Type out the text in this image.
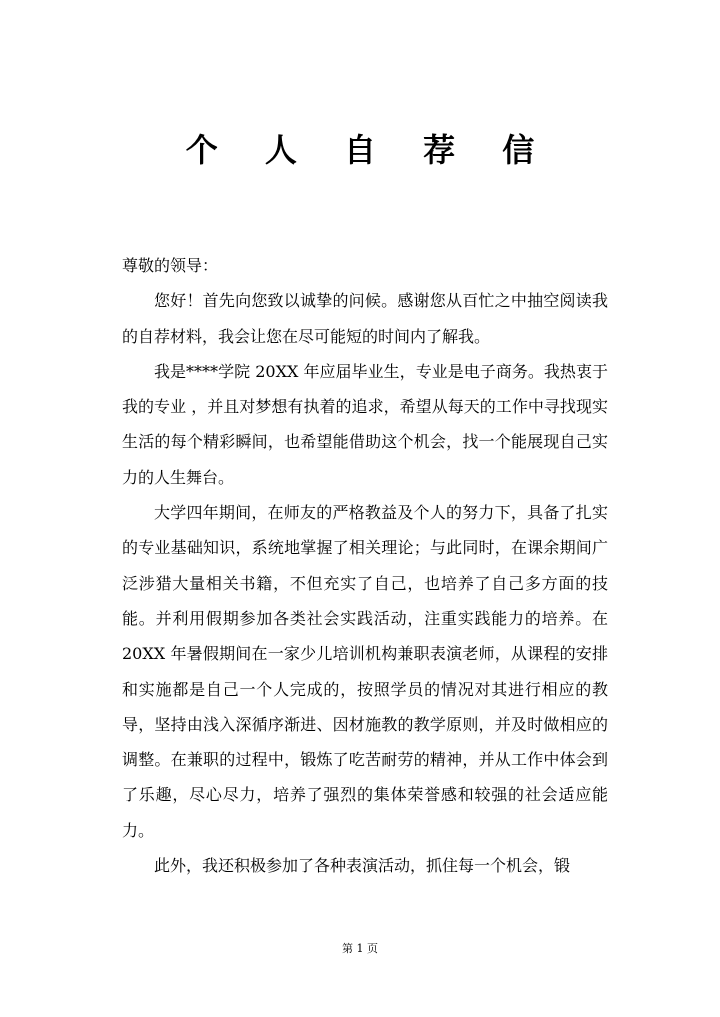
个 人 自 荐 信

尊敬的领导：

您好！首先向您致以诚挚的问候。感谢您从百忙之中抽空阅读我的自荐材料，我会让您在尽可能短的时间内了解我。

我是****学院 20XX 年应届毕业生，专业是电子商务。我热衷于我的专业 ，并且对梦想有执着的追求，希望从每天的工作中寻找现实生活的每个精彩瞬间，也希望能借助这个机会，找一个能展现自己实力的人生舞台。

大学四年期间，在师友的严格教益及个人的努力下，具备了扎实的专业基础知识，系统地掌握了相关理论；与此同时，在课余期间广泛涉猎大量相关书籍，不但充实了自己，也培养了自己多方面的技能。并利用假期参加各类社会实践活动，注重实践能力的培养。在 20XX 年暑假期间在一家少儿培训机构兼职表演老师，从课程的安排和实施都是自己一个人完成的，按照学员的情况对其进行相应的教导，坚持由浅入深循序渐进、因材施教的教学原则，并及时做相应的调整。在兼职的过程中，锻炼了吃苦耐劳的精神，并从工作中体会到了乐趣，尽心尽力，培养了强烈的集体荣誉感和较强的社会适应能力。

此外，我还积极参加了各种表演活动，抓住每一个机会，锻

第 1 页
